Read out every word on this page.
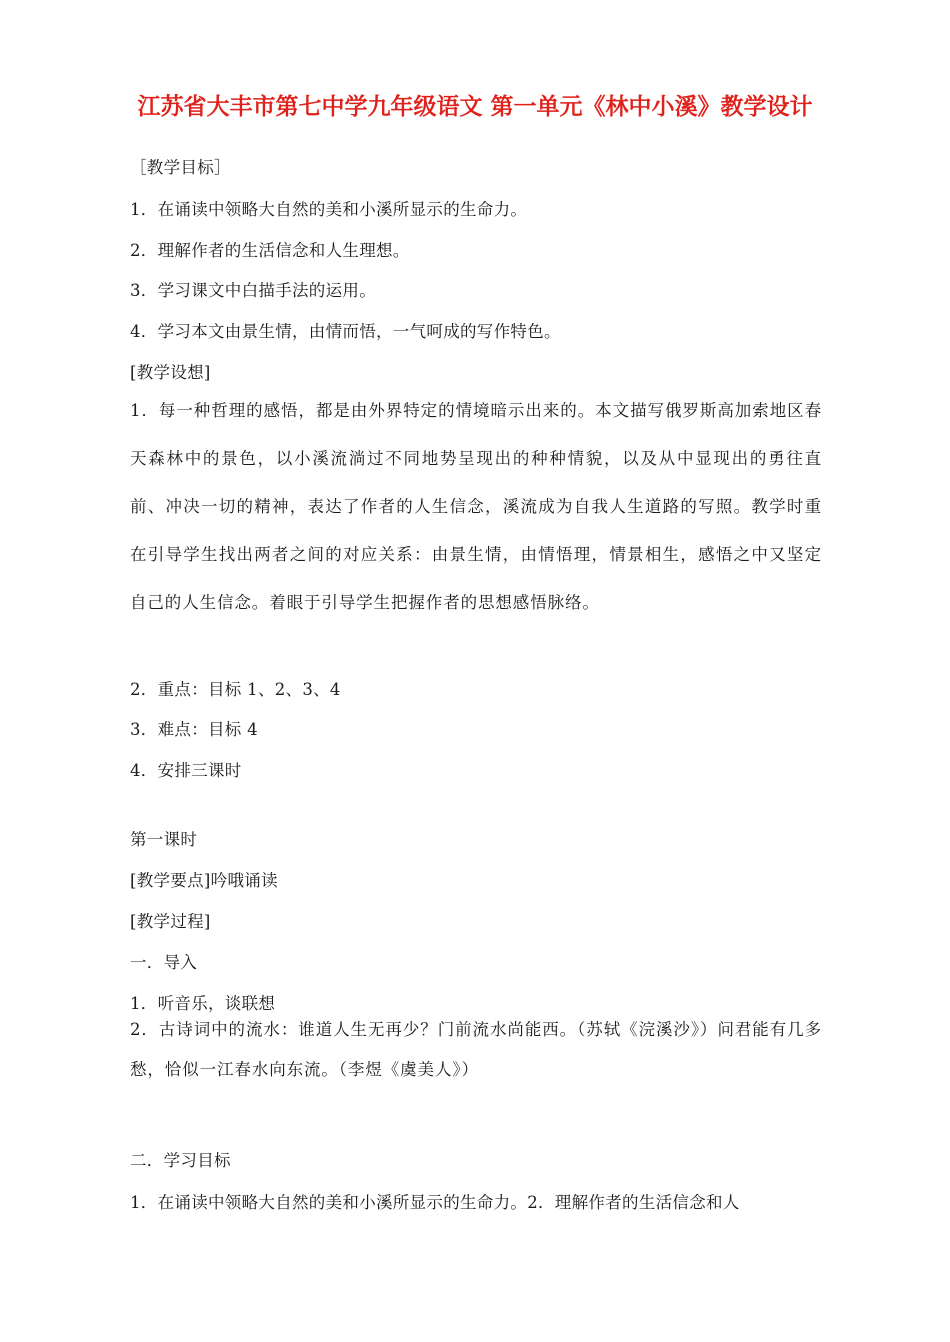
江苏省大丰市第七中学九年级语文 第一单元《林中小溪》教学设计
［教学目标］
1．在诵读中领略大自然的美和小溪所显示的生命力。
2．理解作者的生活信念和人生理想。
3．学习课文中白描手法的运用。
4．学习本文由景生情，由情而悟，一气呵成的写作特色。
[教学设想]
1．每一种哲理的感悟，都是由外界特定的情境暗示出来的。本文描写俄罗斯高加索地区春天森林中的景色，以小溪流淌过不同地势呈现出的种种情貌，以及从中显现出的勇往直前、冲决一切的精神，表达了作者的人生信念，溪流成为自我人生道路的写照。教学时重在引导学生找出两者之间的对应关系：由景生情，由情悟理，情景相生，感悟之中又坚定自己的人生信念。着眼于引导学生把握作者的思想感悟脉络。
2．重点：目标 1、2、3、4
3．难点：目标 4
4．安排三课时
第一课时
[教学要点]吟哦诵读
[教学过程]
一．导入
1．听音乐，谈联想
2．古诗词中的流水：谁道人生无再少？门前流水尚能西。（苏轼《浣溪沙》）问君能有几多愁，恰似一江春水向东流。（李煜《虞美人》）
二．学习目标
1．在诵读中领略大自然的美和小溪所显示的生命力。2．理解作者的生活信念和人
